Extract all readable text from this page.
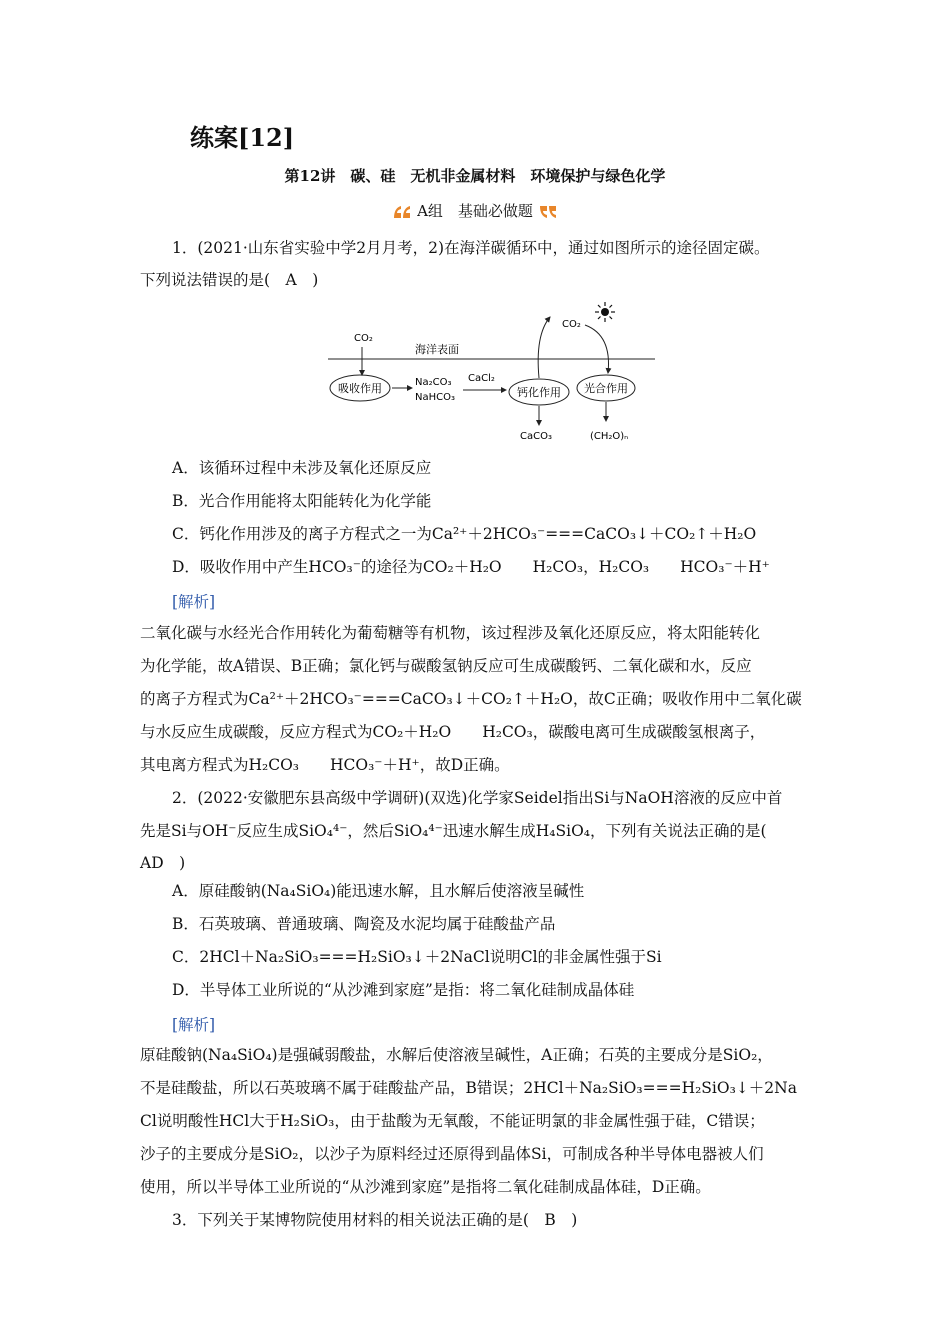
练案[12]
第12讲　碳、硅　无机非金属材料　环境保护与绿色化学
A组　基础必做题
1．(2021·山东省实验中学2月月考，2)在海洋碳循环中，通过如图所示的途径固定碳。
下列说法错误的是(　A　)
海洋表面
CO₂
吸收作用	Na₂CO₃
NaHCO₃
CaCl₂
钙化作用 光合作用
CO₂
CaCO₃	(CH₂O)ₙ
A．该循环过程中未涉及氧化还原反应
B．光合作用能将太阳能转化为化学能
C．钙化作用涉及的离子方程式之一为Ca²⁺＋2HCO₃⁻===CaCO₃↓＋CO₂↑＋H₂O
D．吸收作用中产生HCO₃⁻的途径为CO₂＋H₂O　　H₂CO₃，H₂CO₃　　HCO₃⁻＋H⁺
[解析]
二氧化碳与水经光合作用转化为葡萄糖等有机物，该过程涉及氧化还原反应，将太阳能转化
为化学能，故A错误、B正确；氯化钙与碳酸氢钠反应可生成碳酸钙、二氧化碳和水，反应
的离子方程式为Ca²⁺＋2HCO₃⁻===CaCO₃↓＋CO₂↑＋H₂O，故C正确；吸收作用中二氧化碳
与水反应生成碳酸，反应方程式为CO₂＋H₂O　　H₂CO₃，碳酸电离可生成碳酸氢根离子，
其电离方程式为H₂CO₃　　HCO₃⁻＋H⁺，故D正确。
2．(2022·安徽肥东县高级中学调研)(双选)化学家Seidel指出Si与NaOH溶液的反应中首
先是Si与OH⁻反应生成SiO₄⁴⁻，然后SiO₄⁴⁻迅速水解生成H₄SiO₄，下列有关说法正确的是(
AD　)
A．原硅酸钠(Na₄SiO₄)能迅速水解，且水解后使溶液呈碱性
B．石英玻璃、普通玻璃、陶瓷及水泥均属于硅酸盐产品
C．2HCl＋Na₂SiO₃===H₂SiO₃↓＋2NaCl说明Cl的非金属性强于Si
D．半导体工业所说的“从沙滩到家庭”是指：将二氧化硅制成晶体硅
[解析]
原硅酸钠(Na₄SiO₄)是强碱弱酸盐，水解后使溶液呈碱性，A正确；石英的主要成分是SiO₂，
不是硅酸盐，所以石英玻璃不属于硅酸盐产品，B错误；2HCl＋Na₂SiO₃===H₂SiO₃↓＋2Na
Cl说明酸性HCl大于H₂SiO₃，由于盐酸为无氧酸，不能证明氯的非金属性强于硅，C错误；
沙子的主要成分是SiO₂，以沙子为原料经过还原得到晶体Si，可制成各种半导体电器被人们
使用，所以半导体工业所说的“从沙滩到家庭”是指将二氧化硅制成晶体硅，D正确。
3．下列关于某博物院使用材料的相关说法正确的是(　B　)
